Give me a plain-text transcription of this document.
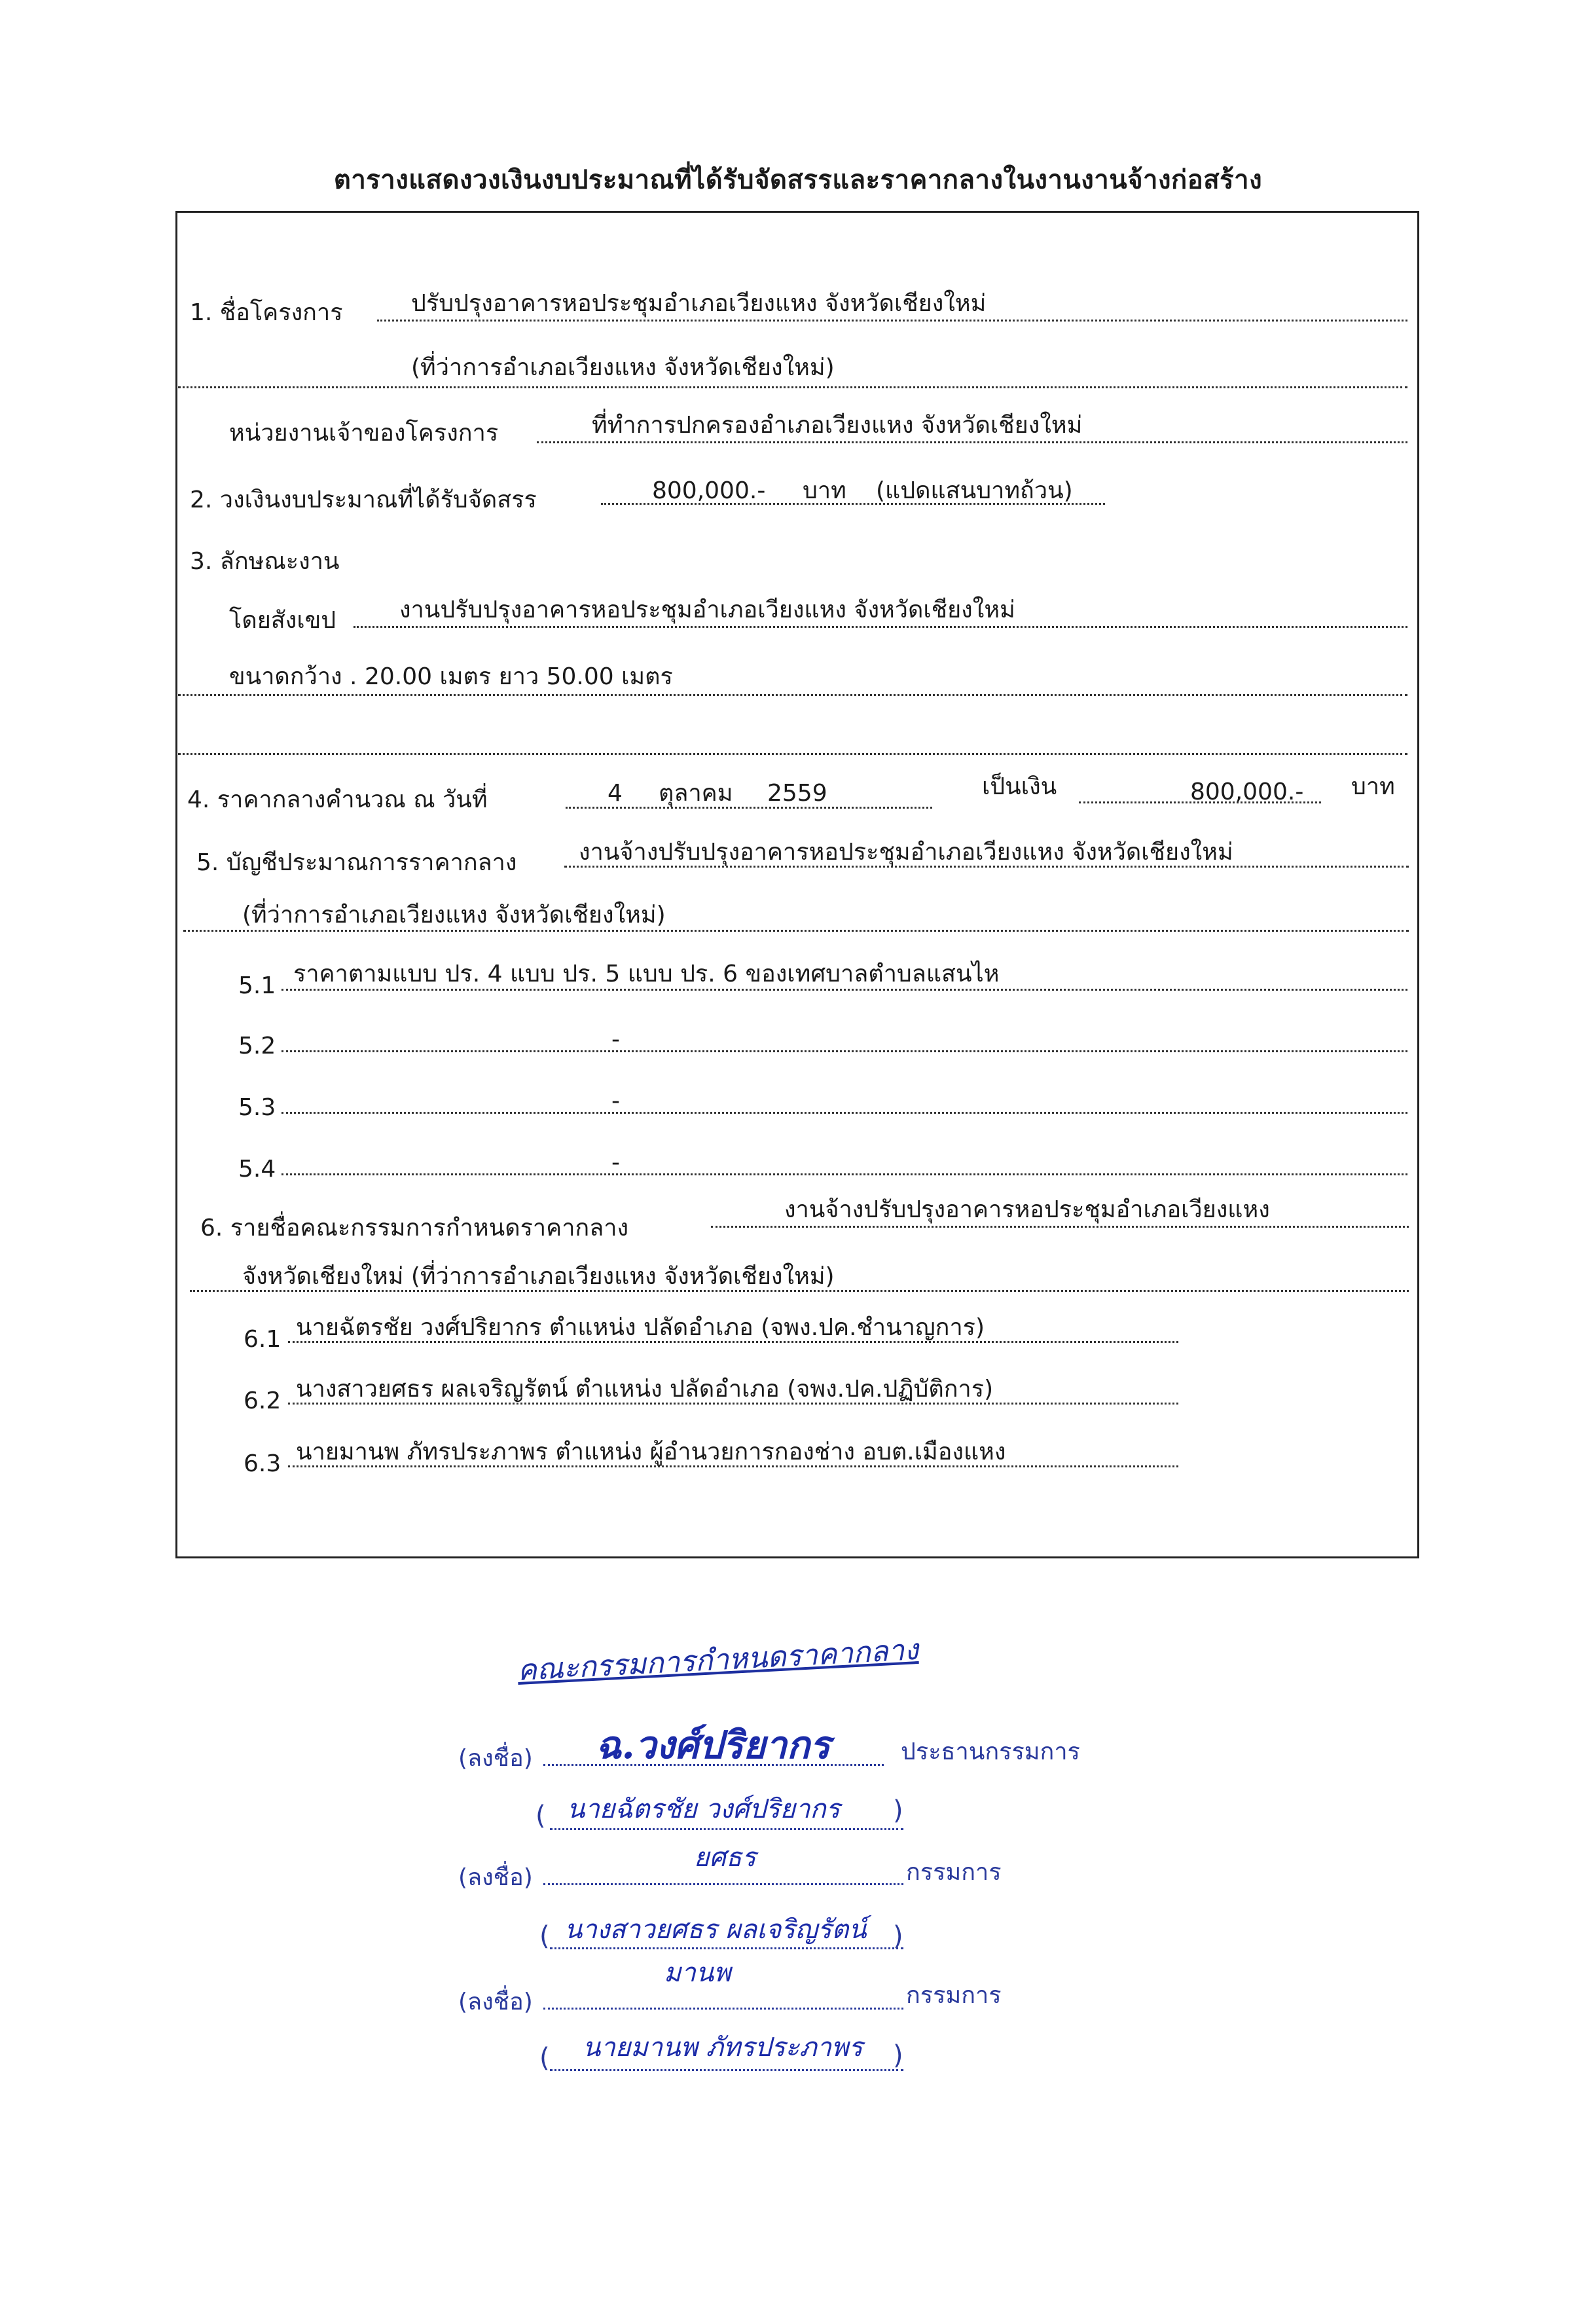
ตารางแสดงวงเงินงบประมาณที่ได้รับจัดสรรและราคากลางในงานงานจ้างก่อสร้าง
1. ชื่อโครงการ	ปรับปรุงอาคารหอประชุมอำเภอเวียงแหง จังหวัดเชียงใหม่
(ที่ว่าการอำเภอเวียงแหง จังหวัดเชียงใหม่)
หน่วยงานเจ้าของโครงการ	ที่ทำการปกครองอำเภอเวียงแหง จังหวัดเชียงใหม่
2. วงเงินงบประมาณที่ได้รับจัดสรร	800,000.- บาท (แปดแสนบาทถ้วน)
3. ลักษณะงาน
โดยสังเขป	งานปรับปรุงอาคารหอประชุมอำเภอเวียงแหง จังหวัดเชียงใหม่
ขนาดกว้าง . 20.00 เมตร ยาว 50.00 เมตร
4. ราคากลางคำนวณ ณ วันที่	4 ตุลาคม 2559	เป็นเงิน	800,000.- บาท
5. บัญชีประมาณการราคากลาง	งานจ้างปรับปรุงอาคารหอประชุมอำเภอเวียงแหง จังหวัดเชียงใหม่
(ที่ว่าการอำเภอเวียงแหง จังหวัดเชียงใหม่)
5.1 ราคาตามแบบ ปร. 4 แบบ ปร. 5 แบบ ปร. 6 ของเทศบาลตำบลแสนไห
5.2	-
5.3	-
5.4	-
6. รายชื่อคณะกรรมการกำหนดราคากลาง
งานจ้างปรับปรุงอาคารหอประชุมอำเภอเวียงแหง
จังหวัดเชียงใหม่ (ที่ว่าการอำเภอเวียงแหง จังหวัดเชียงใหม่)
6.1 นายฉัตรชัย วงศ์ปริยากร ตำแหน่ง ปลัดอำเภอ (จพง.ปค.ชำนาญการ)
6.2 นางสาวยศธร ผลเจริญรัตน์ ตำแหน่ง ปลัดอำเภอ (จพง.ปค.ปฏิบัติการ)
6.3 นายมานพ ภัทรประภาพร ตำแหน่ง ผู้อำนวยการกองช่าง อบต.เมืองแหง
คณะกรรมการกำหนดราคากลาง
ฉ.วงศ์ปริยากร
(ลงชื่อ)	ประธานกรรมการ
( นายฉัตรชัย วงศ์ปริยากร )
ยศธร
(ลงชื่อ)	กรรมการ
( นางสาวยศธร ผลเจริญรัตน์ )
มานพ
(ลงชื่อ)	กรรมการ
( นายมานพ ภัทรประภาพร )
